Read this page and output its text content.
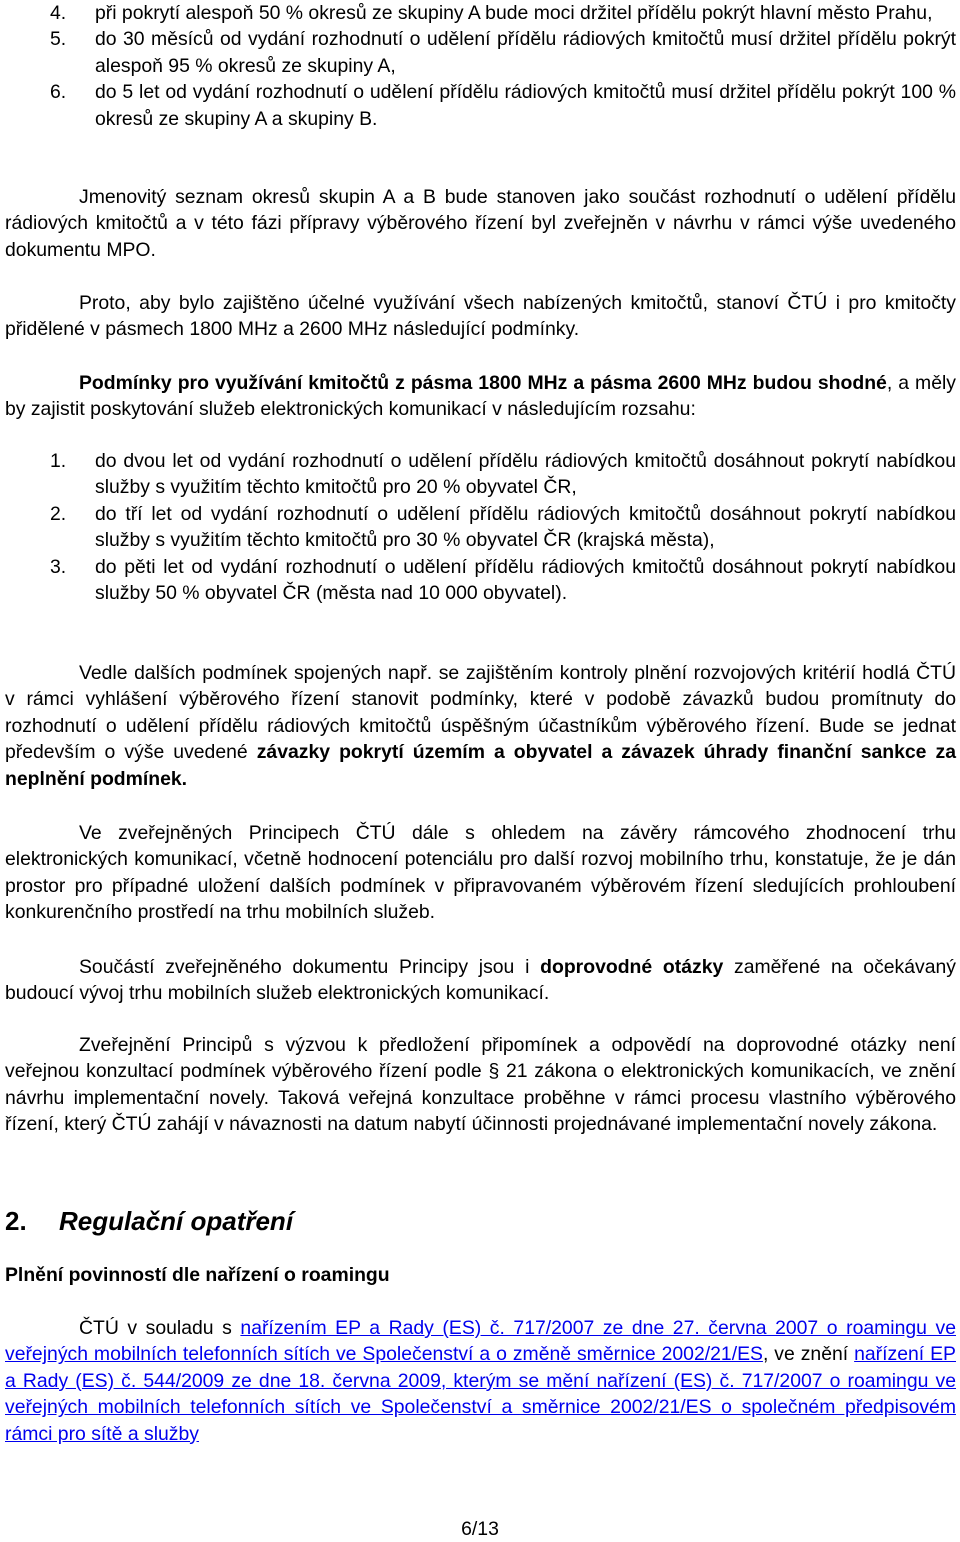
4. při pokrytí alespoň 50 % okresů ze skupiny A bude moci držitel přídělu pokrýt hlavní město Prahu,
5. do 30 měsíců od vydání rozhodnutí o udělení přídělu rádiových kmitočtů musí držitel přídělu pokrýt alespoň 95 % okresů ze skupiny A,
6. do 5 let od vydání rozhodnutí o udělení přídělu rádiových kmitočtů musí držitel přídělu pokrýt 100 % okresů ze skupiny A a skupiny B.

Jmenovitý seznam okresů skupin A a B bude stanoven jako součást rozhodnutí o udělení přídělu rádiových kmitočtů a v této fázi přípravy výběrového řízení byl zveřejněn v návrhu v rámci výše uvedeného dokumentu MPO.

Proto, aby bylo zajištěno účelné využívání všech nabízených kmitočtů, stanoví ČTÚ i pro kmitočty přidělené v pásmech 1800 MHz a 2600 MHz následující podmínky.

Podmínky pro využívání kmitočtů z pásma 1800 MHz a pásma 2600 MHz budou shodné, a měly by zajistit poskytování služeb elektronických komunikací v následujícím rozsahu:

1. do dvou let od vydání rozhodnutí o udělení přídělu rádiových kmitočtů dosáhnout pokrytí nabídkou služby s využitím těchto kmitočtů pro 20 % obyvatel ČR,
2. do tří let od vydání rozhodnutí o udělení přídělu rádiových kmitočtů dosáhnout pokrytí nabídkou služby s využitím těchto kmitočtů pro 30 % obyvatel ČR (krajská města),
3. do pěti let od vydání rozhodnutí o udělení přídělu rádiových kmitočtů dosáhnout pokrytí nabídkou služby 50 % obyvatel ČR (města nad 10 000 obyvatel).

Vedle dalších podmínek spojených např. se zajištěním kontroly plnění rozvojových kritérií hodlá ČTÚ v rámci vyhlášení výběrového řízení stanovit podmínky, které v podobě závazků budou promítnuty do rozhodnutí o udělení přídělu rádiových kmitočtů úspěšným účastníkům výběrového řízení. Bude se jednat především o výše uvedené závazky pokrytí územím a obyvatel a závazek úhrady finanční sankce za neplnění podmínek.

Ve zveřejněných Principech ČTÚ dále s ohledem na závěry rámcového zhodnocení trhu elektronických komunikací, včetně hodnocení potenciálu pro další rozvoj mobilního trhu, konstatuje, že je dán prostor pro případné uložení dalších podmínek v připravovaném výběrovém řízení sledujících prohloubení konkurenčního prostředí na trhu mobilních služeb.

Součástí zveřejněného dokumentu Principy jsou i doprovodné otázky zaměřené na očekávaný budoucí vývoj trhu mobilních služeb elektronických komunikací.

Zveřejnění Principů s výzvou k předložení připomínek a odpovědí na doprovodné otázky není veřejnou konzultací podmínek výběrového řízení podle § 21 zákona o elektronických komunikacích, ve znění návrhu implementační novely. Taková veřejná konzultace proběhne v rámci procesu vlastního výběrového řízení, který ČTÚ zahájí v návaznosti na datum nabytí účinnosti projednávané implementační novely zákona.

2. Regulační opatření
Plnění povinností dle nařízení o roamingu

ČTÚ v souladu s nařízením EP a Rady (ES) č. 717/2007 ze dne 27. června 2007 o roamingu ve veřejných mobilních telefonních sítích ve Společenství a o změně směrnice 2002/21/ES, ve znění nařízení EP a Rady (ES) č. 544/2009 ze dne 18. června 2009, kterým se mění nařízení (ES) č. 717/2007 o roamingu ve veřejných mobilních telefonních sítích ve Společenství a směrnice 2002/21/ES o společném předpisovém rámci pro sítě a služby

6/13
